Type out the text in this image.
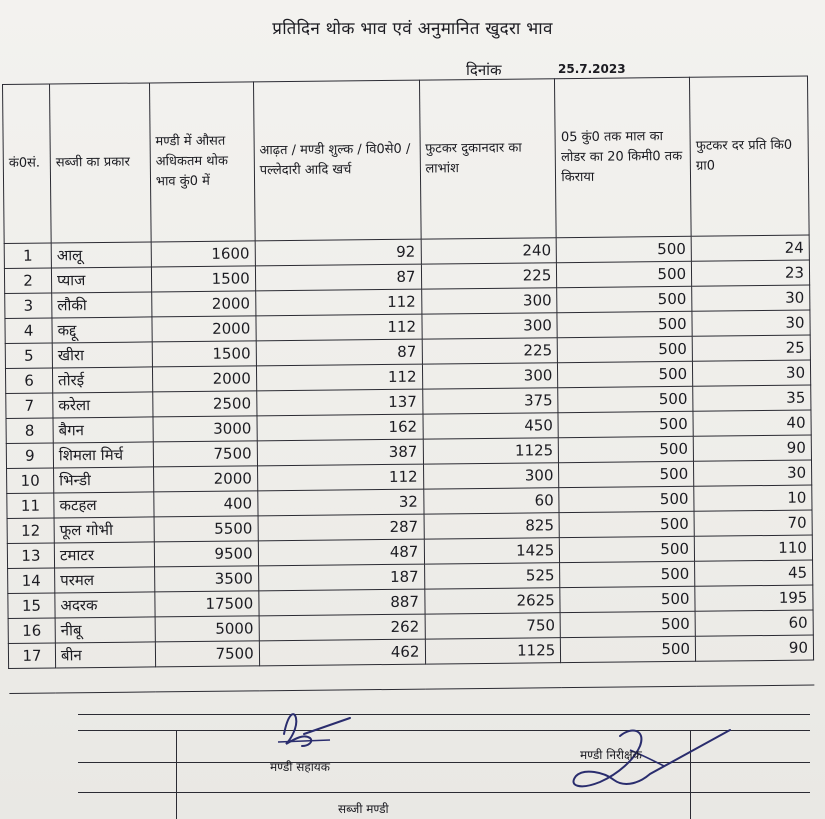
प्रतिदिन थोक भाव एवं अनुमानित खुदरा भाव
दिनांक	25.7.2023
कं0सं.	सब्जी का प्रकार	मण्डी में औसत अधिकतम थोक भाव कुं0 में	आढ़त / मण्डी शुल्क / वि0से0 / पल्लेदारी आदि खर्च	फुटकर दुकानदार का लाभांश	05 कुं0 तक माल का लोडर का 20 किमी0 तक किराया	फुटकर दर प्रति कि0 ग्रा0
1	आलू	1600	92	240	500	24
2	प्याज	1500	87	225	500	23
3	लौकी	2000	112	300	500	30
4	कद्दू	2000	112	300	500	30
5	खीरा	1500	87	225	500	25
6	तोरई	2000	112	300	500	30
7	करेला	2500	137	375	500	35
8	बैगन	3000	162	450	500	40
9	शिमला मिर्च	7500	387	1125	500	90
10	भिन्डी	2000	112	300	500	30
11	कटहल	400	32	60	500	10
12	फूल गोभी	5500	287	825	500	70
13	टमाटर	9500	487	1425	500	110
14	परमल	3500	187	525	500	45
15	अदरक	17500	887	2625	500	195
16	नीबू	5000	262	750	500	60
17	बीन	7500	462	1125	500	90

मण्डी सहायक
मण्डी निरीक्षक
सब्जी मण्डी
